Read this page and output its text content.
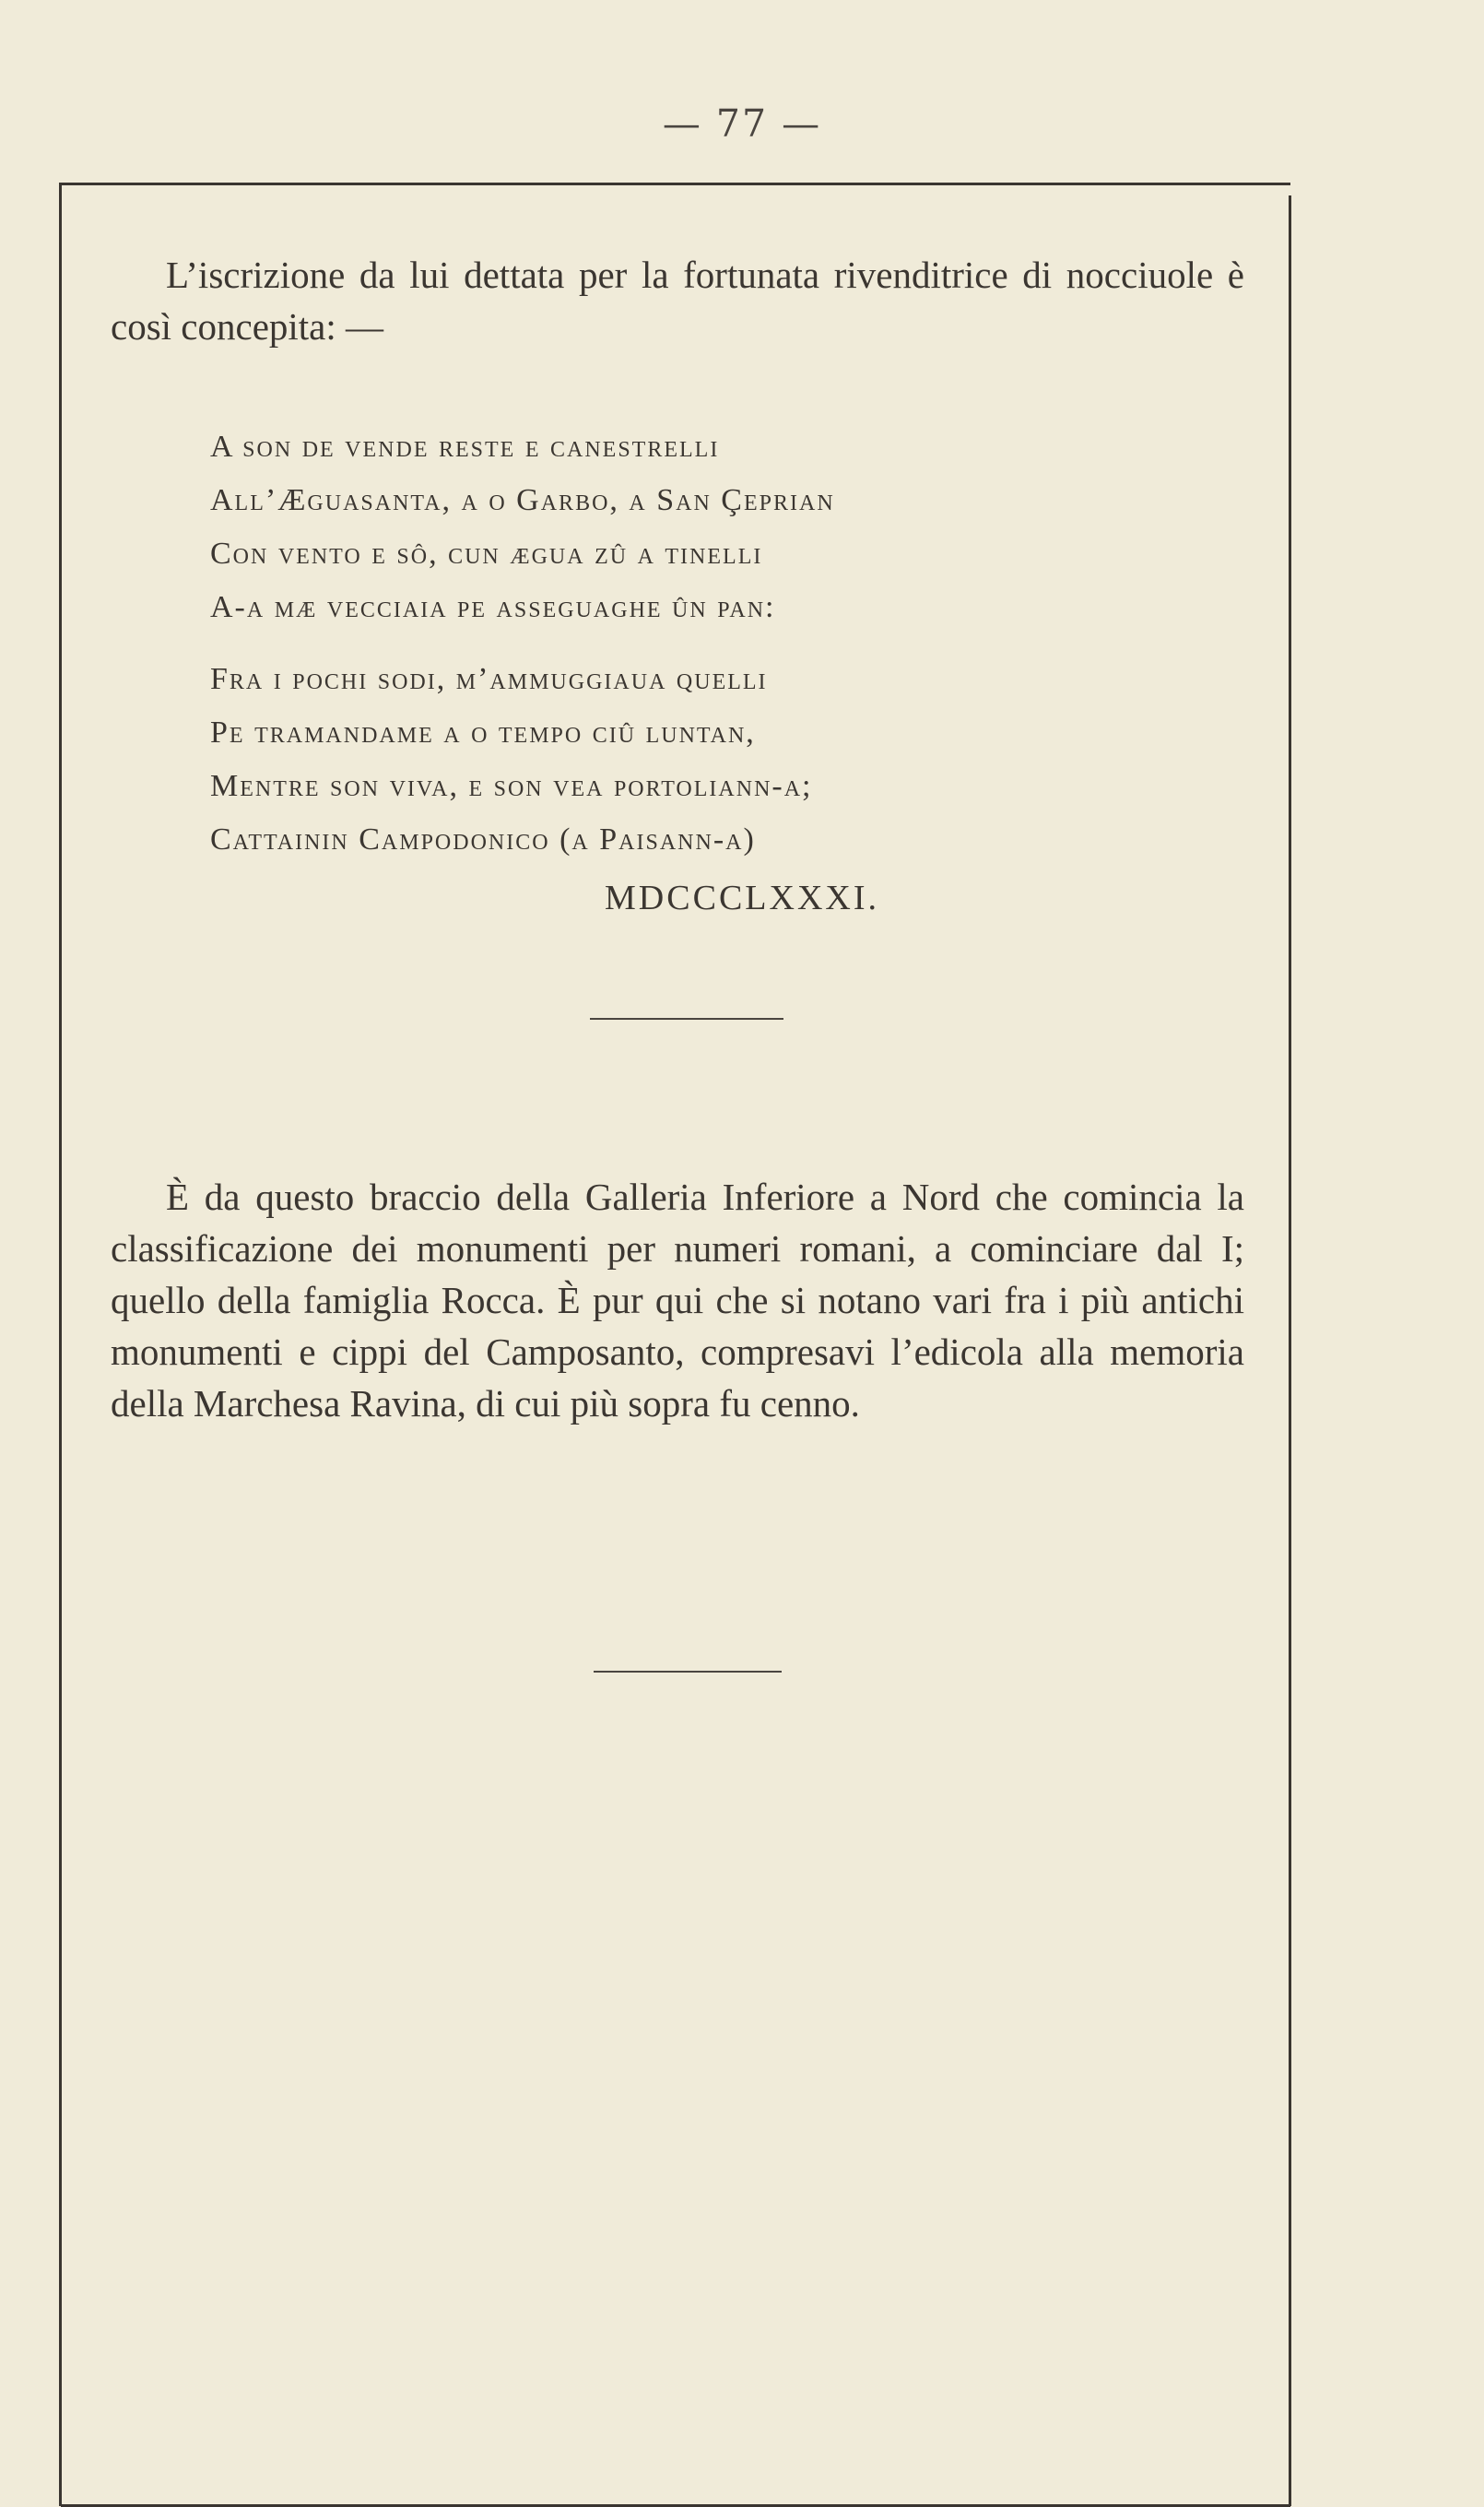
— 77 —
L’iscrizione da lui dettata per la fortunata rivenditrice di nocciuole è così concepita: —
A son de vende reste e canestrelli
All’Æguasanta, a o Garbo, a San Çeprian
Con vento e sô, cun ægua zû a tinelli
A-a mæ vecciaia pe asseguaghe ûn pan:
Fra i pochi sodi, m’ammuggiaua quelli
Pe tramandame a o tempo ciû luntan,
Mentre son viva, e son vea portoliann-a;
Cattainin Campodonico (a Paisann-a)
MDCCCLXXXI.
È da questo braccio della Galleria Inferiore a Nord che comincia la classificazione dei monumenti per numeri romani, a cominciare dal I; quello della famiglia Rocca. È pur qui che si notano vari fra i più antichi monumenti e cippi del Camposanto, compresavi l’edicola alla memoria della Marchesa Ravina, di cui più sopra fu cenno.
